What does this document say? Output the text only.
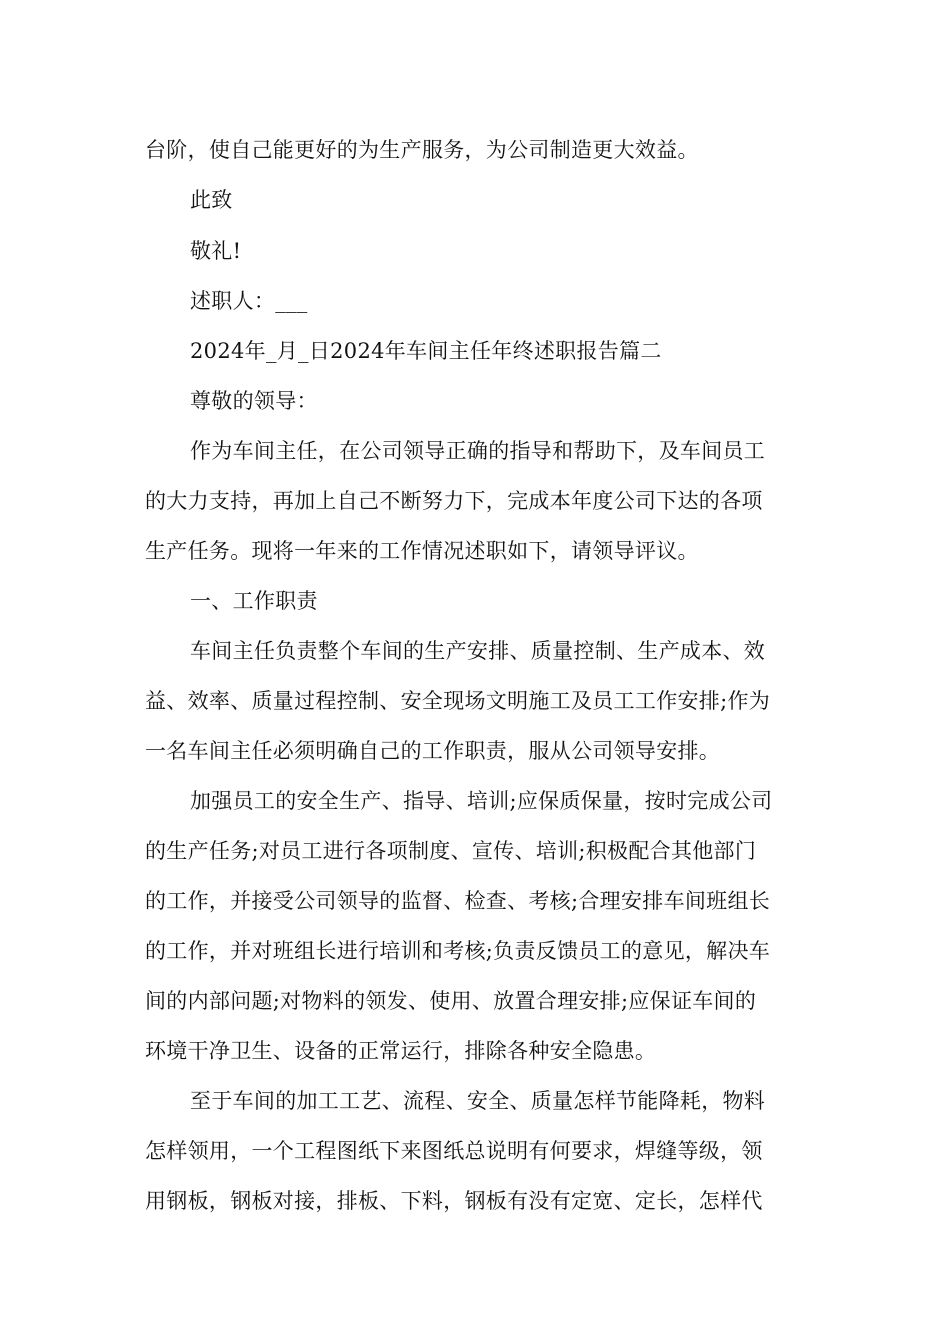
台阶，使自己能更好的为生产服务，为公司制造更大效益。
此致
敬礼!
述职人：___
2024年_月_日2024年车间主任年终述职报告篇二
尊敬的领导：
作为车间主任，在公司领导正确的指导和帮助下，及车间员工
的大力支持，再加上自己不断努力下，完成本年度公司下达的各项
生产任务。现将一年来的工作情况述职如下，请领导评议。
一、工作职责
车间主任负责整个车间的生产安排、质量控制、生产成本、效
益、效率、质量过程控制、安全现场文明施工及员工工作安排;作为
一名车间主任必须明确自己的工作职责，服从公司领导安排。
加强员工的安全生产、指导、培训;应保质保量，按时完成公司
的生产任务;对员工进行各项制度、宣传、培训;积极配合其他部门
的工作，并接受公司领导的监督、检查、考核;合理安排车间班组长
的工作，并对班组长进行培训和考核;负责反馈员工的意见，解决车
间的内部问题;对物料的领发、使用、放置合理安排;应保证车间的
环境干净卫生、设备的正常运行，排除各种安全隐患。
至于车间的加工工艺、流程、安全、质量怎样节能降耗，物料
怎样领用，一个工程图纸下来图纸总说明有何要求，焊缝等级，领
用钢板，钢板对接，排板、下料，钢板有没有定宽、定长，怎样代
